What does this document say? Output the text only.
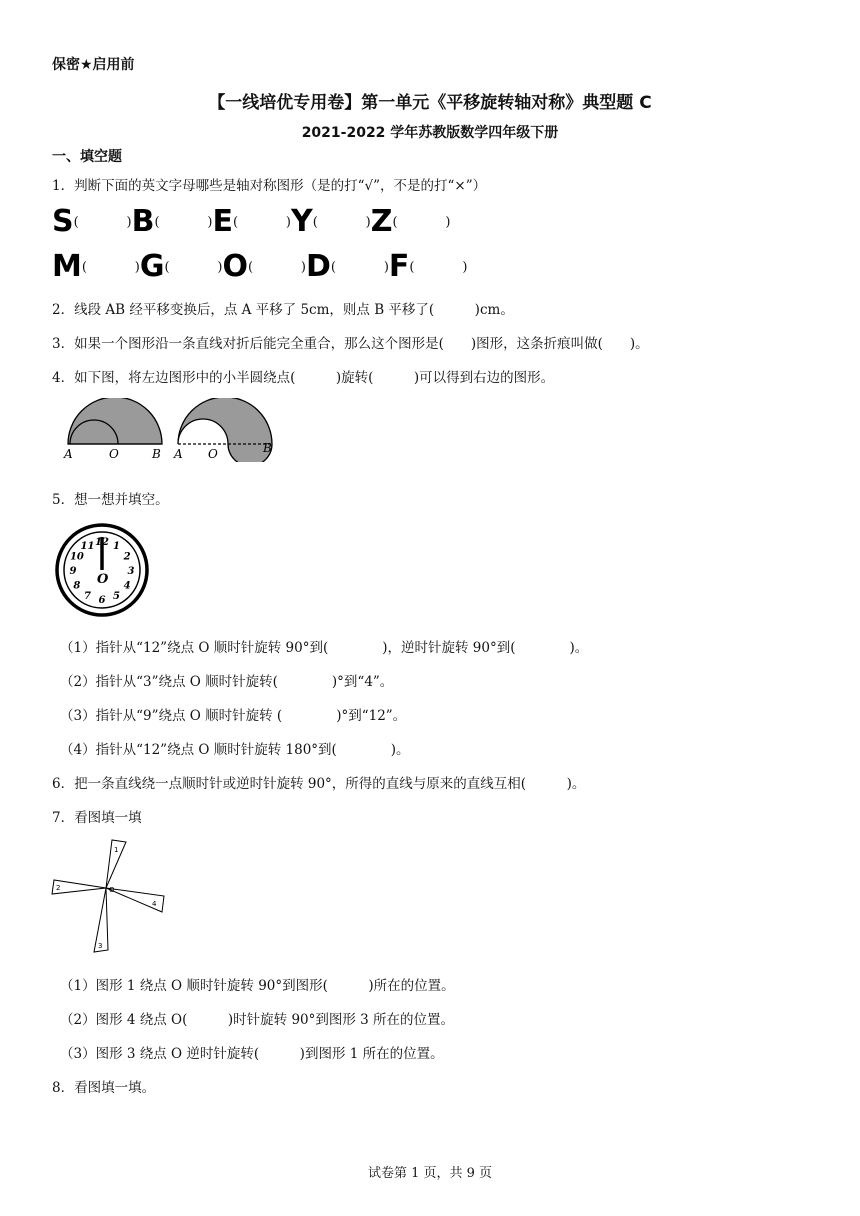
保密★启用前
【一线培优专用卷】第一单元《平移旋转轴对称》典型题 C
2021-2022 学年苏教版数学四年级下册
一、填空题
1．判断下面的英文字母哪些是轴对称图形（是的打“√”，不是的打“×”）
S (	) B (	) E (	) Y (	) Z (	)
M (	) G (	) O (	) D (	) F (	)
2．线段 AB 经平移变换后，点 A 平移了 5cm，则点 B 平移了(　　　)cm。
3．如果一个图形沿一条直线对折后能完全重合，那么这个图形是(　　)图形，这条折痕叫做(　　)。
4．如下图，将左边图形中的小半圆绕点(　　　)旋转(　　　)可以得到右边的图形。
A	O	B A O	B
5．想一想并填空。
O
12 1
2
3
4
5
6
7
8
9
10
11
（1）指针从“12”绕点 O 顺时针旋转 90°到(　　　　)，逆时针旋转 90°到(　　　　)。
（2）指针从“3”绕点 O 顺时针旋转(　　　　)°到“4”。
（3）指针从“9”绕点 O 顺时针旋转 (　　　　)°到“12”。
（4）指针从“12”绕点 O 顺时针旋转 180°到(　　　　)。
6．把一条直线绕一点顺时针或逆时针旋转 90°，所得的直线与原来的直线互相(　　　)。
7．看图填一填
1
2
3
4
O
（1）图形 1 绕点 O 顺时针旋转 90°到图形(　　　)所在的位置。
（2）图形 4 绕点 O(　　　)时针旋转 90°到图形 3 所在的位置。
（3）图形 3 绕点 O 逆时针旋转(　　　)到图形 1 所在的位置。
8．看图填一填。
试卷第 1 页，共 9 页
